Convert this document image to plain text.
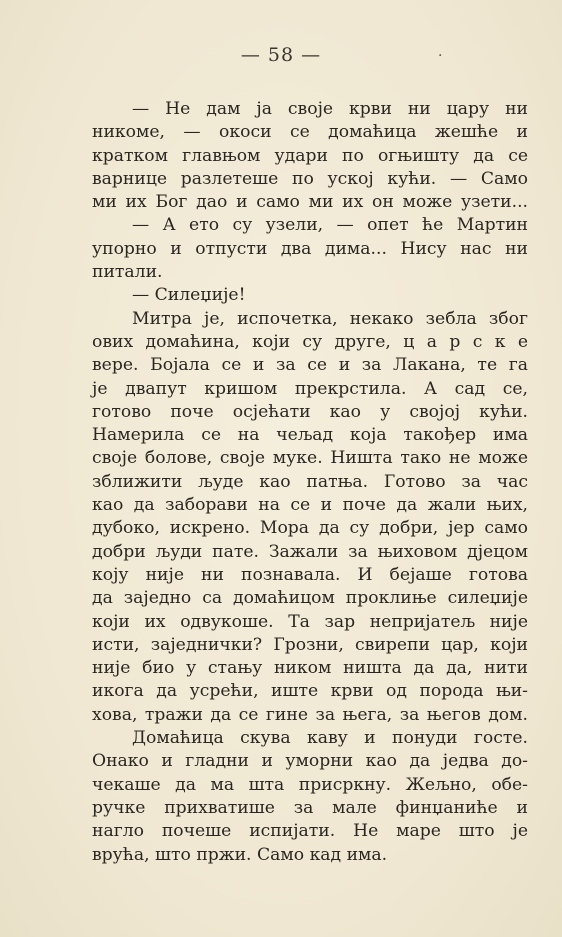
— 58 —	·
— Не дам ја своје крви ни цару ни
никоме, — окоси се домаћица жешће и
кратком главњом удари по огњишту да се
варнице разлетеше по уској кући. — Само
ми их Бог дао и само ми их он може узети...
— А ето су узели, — опет ће Мартин
упорно и отпусти два дима... Нису нас ни
питали.
— Силеџије!
Митра је, испочетка, некако зебла због
ових домаћина, који су друге, ц а р с к е
вере. Бојала се и за се и за Лакана, те га
је двапут кришом прекрстила. А сад се,
готово поче осјећати као у својој кући.
Намерила се на чељад која такођер има
своје болове, своје муке. Ништа тако не може
зближити људе као патња. Готово за час
као да заборави на се и поче да жали њих,
дубоко, искрено. Мора да су добри, јер само
добри људи пате. Зажали за њиховом дјецом
коју није ни познавала. И бејаше готова
да заједно са домаћицом проклиње силеџије
који их одвукоше. Та зар непријатељ није
исти, заједнички? Грозни, свирепи цар, који
није био у стању ником ништа да да, нити
икога да усрећи, иште крви од порода њи-
хова, тражи да се гине за њега, за његов дом.
Домаћица скува каву и понуди госте.
Онако и гладни и уморни као да једва до-
чекаше да ма шта присркну. Жељно, обе-
ручке прихватише за мале финџаниће и
нагло почеше испијати. Не маре што је
врућа, што пржи. Само кад има.
